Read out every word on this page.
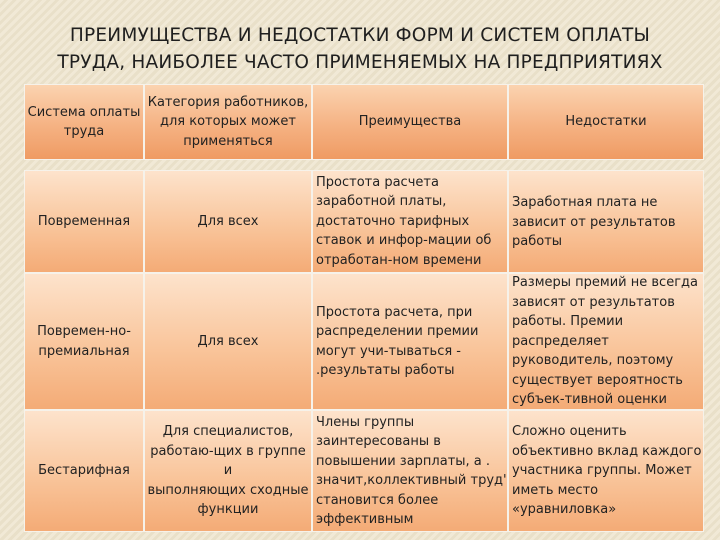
ПРЕИМУЩЕСТВА И НЕДОСТАТКИ ФОРМ И СИСТЕМ ОПЛАТЫ
ТРУДА, НАИБОЛЕЕ ЧАСТО ПРИМЕНЯЕМЫХ НА ПРЕДПРИЯТИЯХ
Система оплаты
труда
Категория работников,
для которых может
применяться
Преимущества	Недостатки
Повременная	Для всех
Простота расчета
заработной платы,
достаточно тарифных
ставок и инфор-мации об
отработан-ном времени
Заработная плата не
зависит от результатов
работы
Повремен-но-
премиальная
Для всех
Простота расчета, при
распределении премии
могут учи-тываться -
.результаты работы
Размеры премий не всегда
зависят от результатов
работы. Премии
распределяет
руководитель, поэтому
существует вероятность
субъек-тивной оценки
Бестарифная
Для специалистов,
работаю-щих в группе и
выполняющих сходные
функции
Члены группы
заинтересованы в
повышении зарплаты, а .
значит,коллективный труд'
становится более
эффективным
Сложно оценить
объективно вклад каждого
участника группы. Может
иметь место «уравниловка»
